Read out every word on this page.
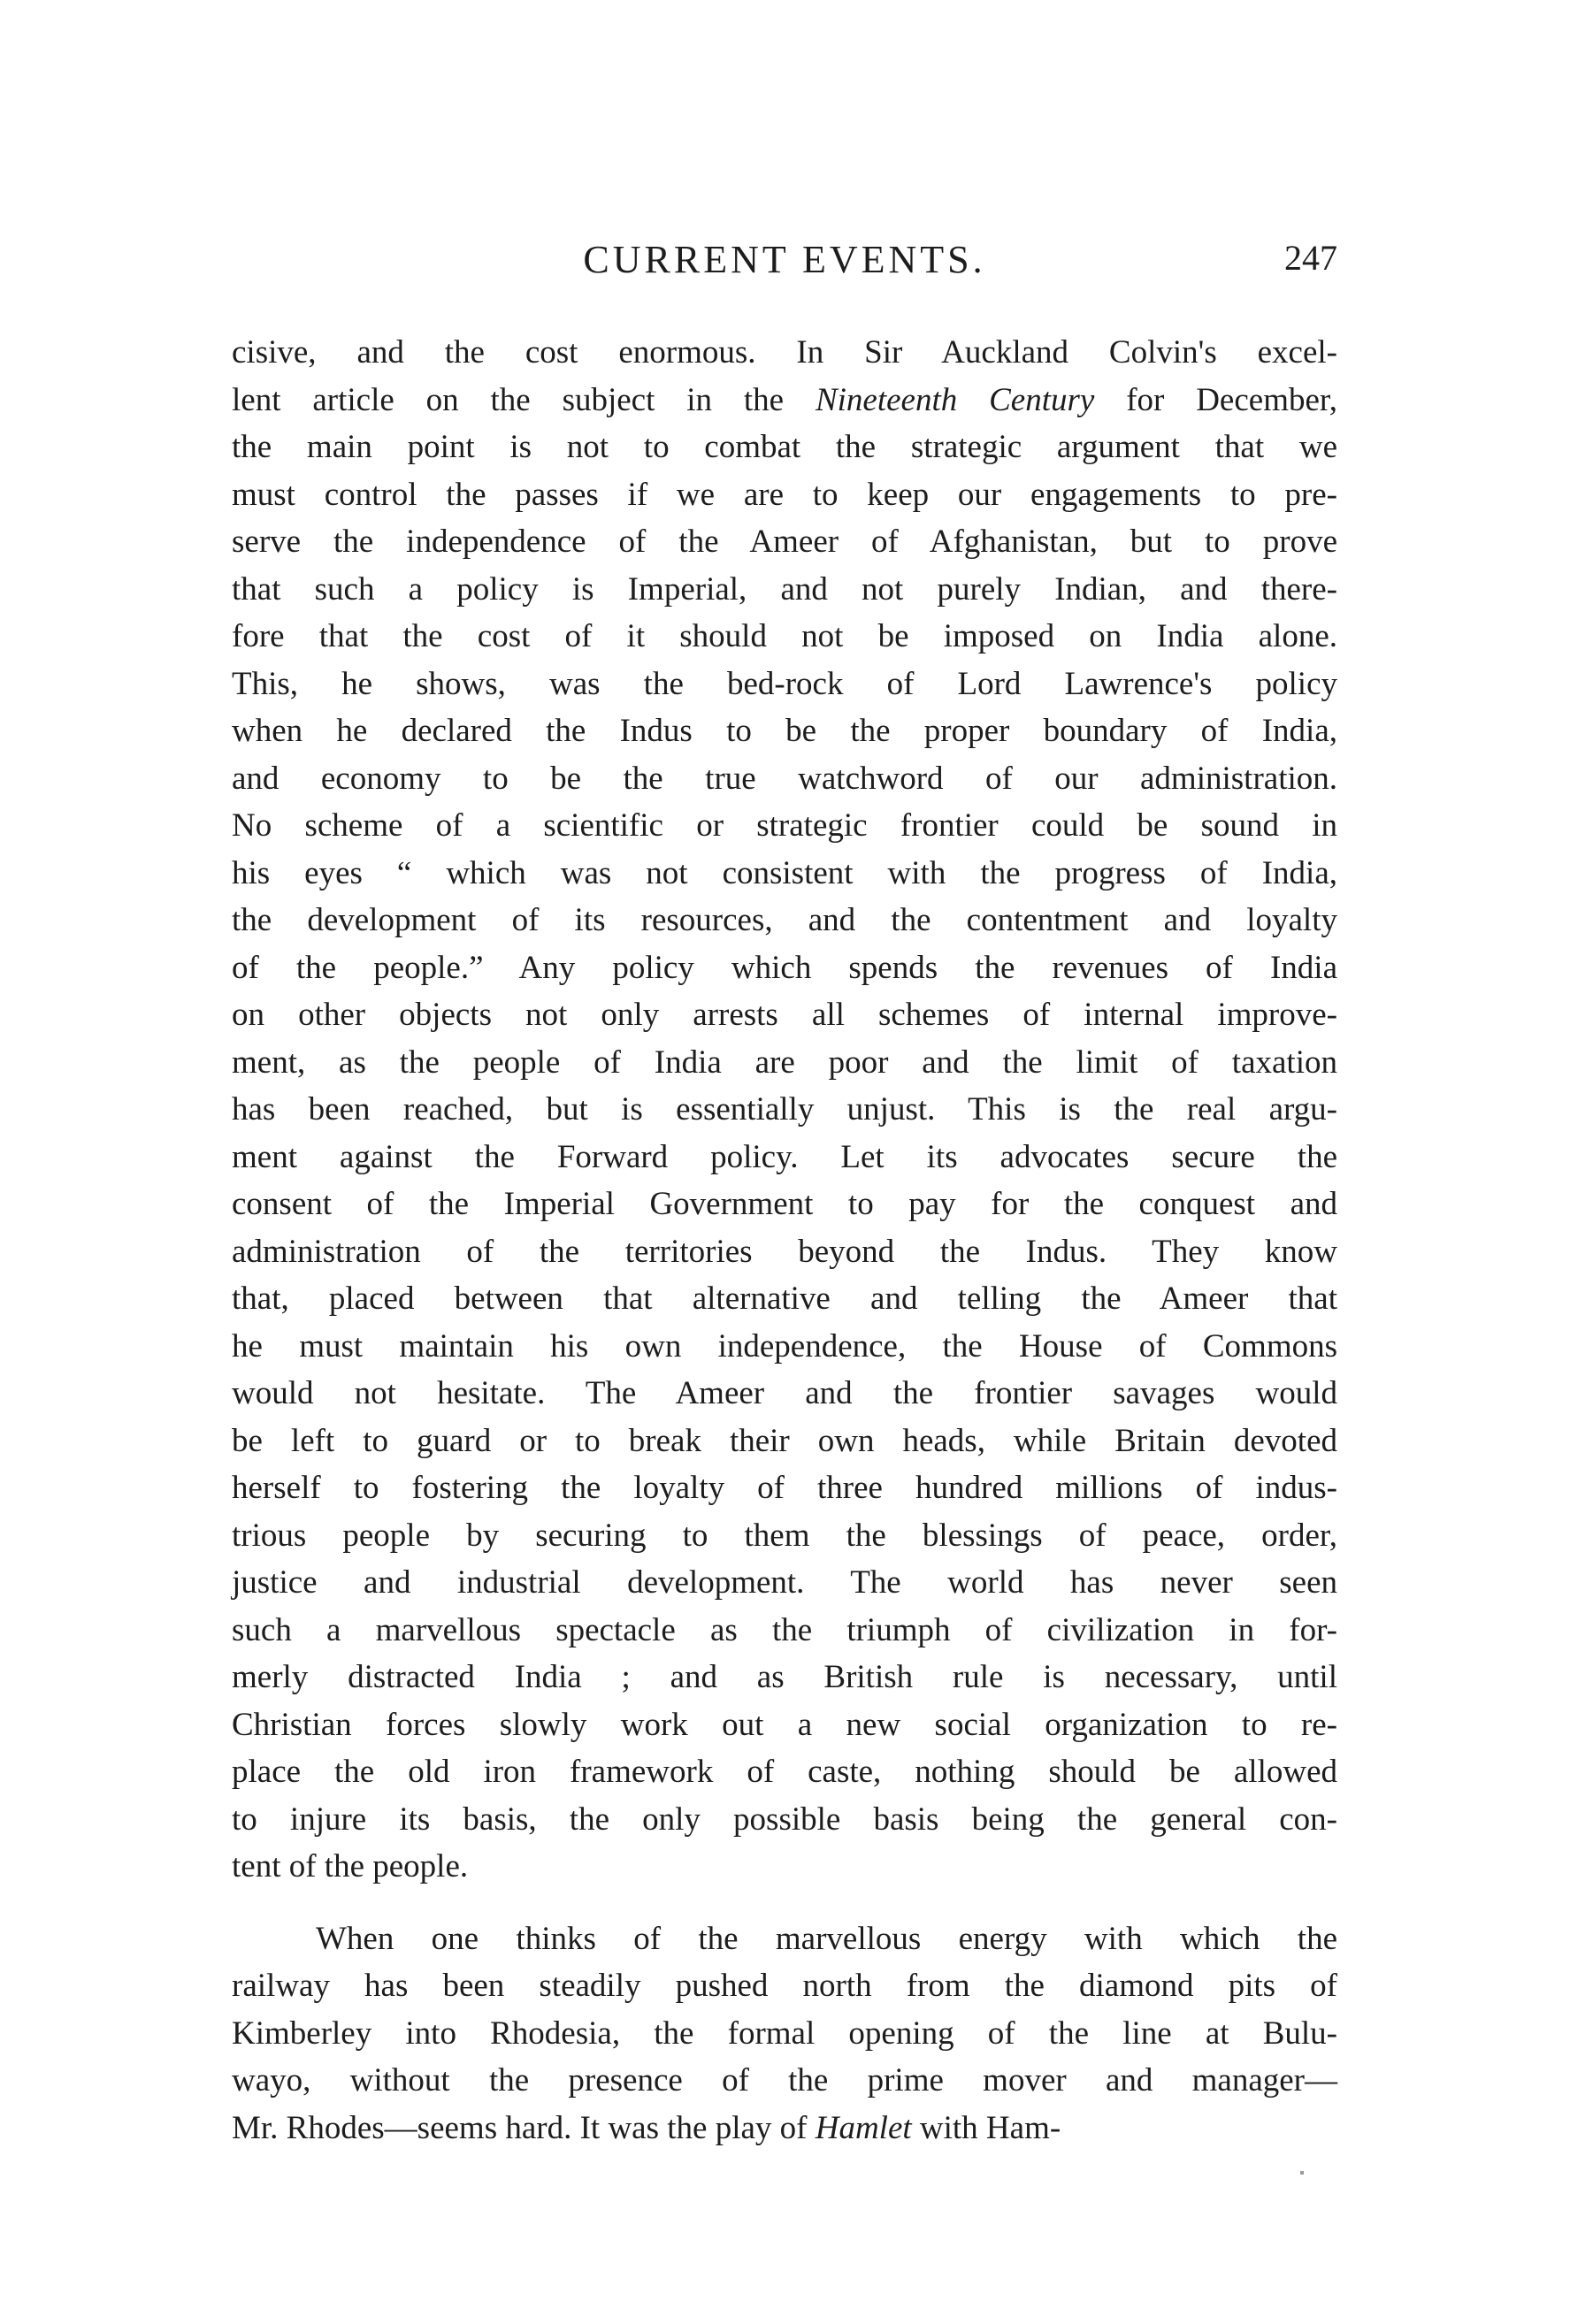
CURRENT EVENTS.	247
cisive, and the cost enormous. In Sir Auckland Colvin's excel-
lent article on the subject in the Nineteenth Century for December,
the main point is not to combat the strategic argument that we
must control the passes if we are to keep our engagements to pre-
serve the independence of the Ameer of Afghanistan, but to prove
that such a policy is Imperial, and not purely Indian, and there-
fore that the cost of it should not be imposed on India alone.
This, he shows, was the bed-rock of Lord Lawrence's policy
when he declared the Indus to be the proper boundary of India,
and economy to be the true watchword of our administration.
No scheme of a scientific or strategic frontier could be sound in
his eyes “ which was not consistent with the progress of India,
the development of its resources, and the contentment and loyalty
of the people.” Any policy which spends the revenues of India
on other objects not only arrests all schemes of internal improve-
ment, as the people of India are poor and the limit of taxation
has been reached, but is essentially unjust. This is the real argu-
ment against the Forward policy. Let its advocates secure the
consent of the Imperial Government to pay for the conquest and
administration of the territories beyond the Indus. They know
that, placed between that alternative and telling the Ameer that
he must maintain his own independence, the House of Commons
would not hesitate. The Ameer and the frontier savages would
be left to guard or to break their own heads, while Britain devoted
herself to fostering the loyalty of three hundred millions of indus-
trious people by securing to them the blessings of peace, order,
justice and industrial development. The world has never seen
such a marvellous spectacle as the triumph of civilization in for-
merly distracted India ; and as British rule is necessary, until
Christian forces slowly work out a new social organization to re-
place the old iron framework of caste, nothing should be allowed
to injure its basis, the only possible basis being the general con-
tent of the people.
When one thinks of the marvellous energy with which the
railway has been steadily pushed north from the diamond pits of
Kimberley into Rhodesia, the formal opening of the line at Bulu-
wayo, without the presence of the prime mover and manager—
Mr. Rhodes—seems hard. It was the play of Hamlet with Ham-
